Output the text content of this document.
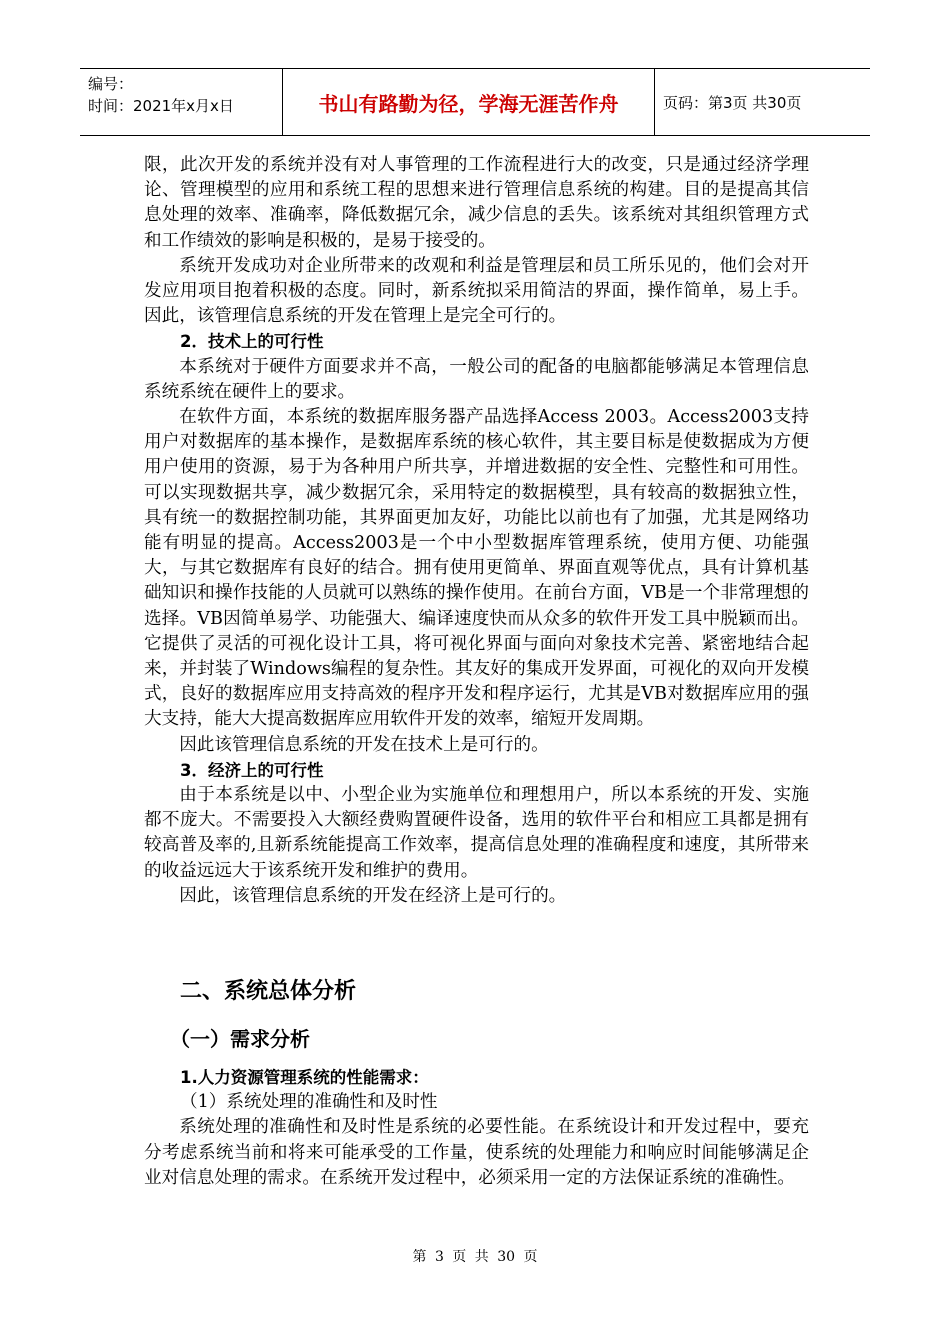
编号：
时间：2021年x月x日	书山有路勤为径，学海无涯苦作舟	页码：第3页 共30页

限，此次开发的系统并没有对人事管理的工作流程进行大的改变，只是通过经济学理论、管理模型的应用和系统工程的思想来进行管理信息系统的构建。目的是提高其信息处理的效率、准确率，降低数据冗余，减少信息的丢失。该系统对其组织管理方式和工作绩效的影响是积极的，是易于接受的。

系统开发成功对企业所带来的改观和利益是管理层和员工所乐见的，他们会对开发应用项目抱着积极的态度。同时，新系统拟采用简洁的界面，操作简单，易上手。因此，该管理信息系统的开发在管理上是完全可行的。

2．技术上的可行性

本系统对于硬件方面要求并不高，一般公司的配备的电脑都能够满足本管理信息系统系统在硬件上的要求。

在软件方面，本系统的数据库服务器产品选择Access 2003。Access2003支持用户对数据库的基本操作，是数据库系统的核心软件，其主要目标是使数据成为方便用户使用的资源，易于为各种用户所共享，并增进数据的安全性、完整性和可用性。可以实现数据共享，减少数据冗余，采用特定的数据模型，具有较高的数据独立性，具有统一的数据控制功能，其界面更加友好，功能比以前也有了加强，尤其是网络功能有明显的提高。Access2003是一个中小型数据库管理系统，使用方便、功能强大，与其它数据库有良好的结合。拥有使用更简单、界面直观等优点，具有计算机基础知识和操作技能的人员就可以熟练的操作使用。在前台方面，VB是一个非常理想的选择。VB因简单易学、功能强大、编译速度快而从众多的软件开发工具中脱颖而出。它提供了灵活的可视化设计工具，将可视化界面与面向对象技术完善、紧密地结合起来，并封装了Windows编程的复杂性。其友好的集成开发界面，可视化的双向开发模式，良好的数据库应用支持高效的程序开发和程序运行，尤其是VB对数据库应用的强大支持，能大大提高数据库应用软件开发的效率，缩短开发周期。

因此该管理信息系统的开发在技术上是可行的。

3．经济上的可行性

由于本系统是以中、小型企业为实施单位和理想用户，所以本系统的开发、实施都不庞大。不需要投入大额经费购置硬件设备，选用的软件平台和相应工具都是拥有较高普及率的,且新系统能提高工作效率，提高信息处理的准确程度和速度，其所带来的收益远远大于该系统开发和维护的费用。

因此，该管理信息系统的开发在经济上是可行的。

二、系统总体分析

（一）需求分析

1.人力资源管理系统的性能需求：

（1）系统处理的准确性和及时性

系统处理的准确性和及时性是系统的必要性能。在系统设计和开发过程中，要充分考虑系统当前和将来可能承受的工作量，使系统的处理能力和响应时间能够满足企业对信息处理的需求。在系统开发过程中，必须采用一定的方法保证系统的准确性。

第 3 页 共 30 页
